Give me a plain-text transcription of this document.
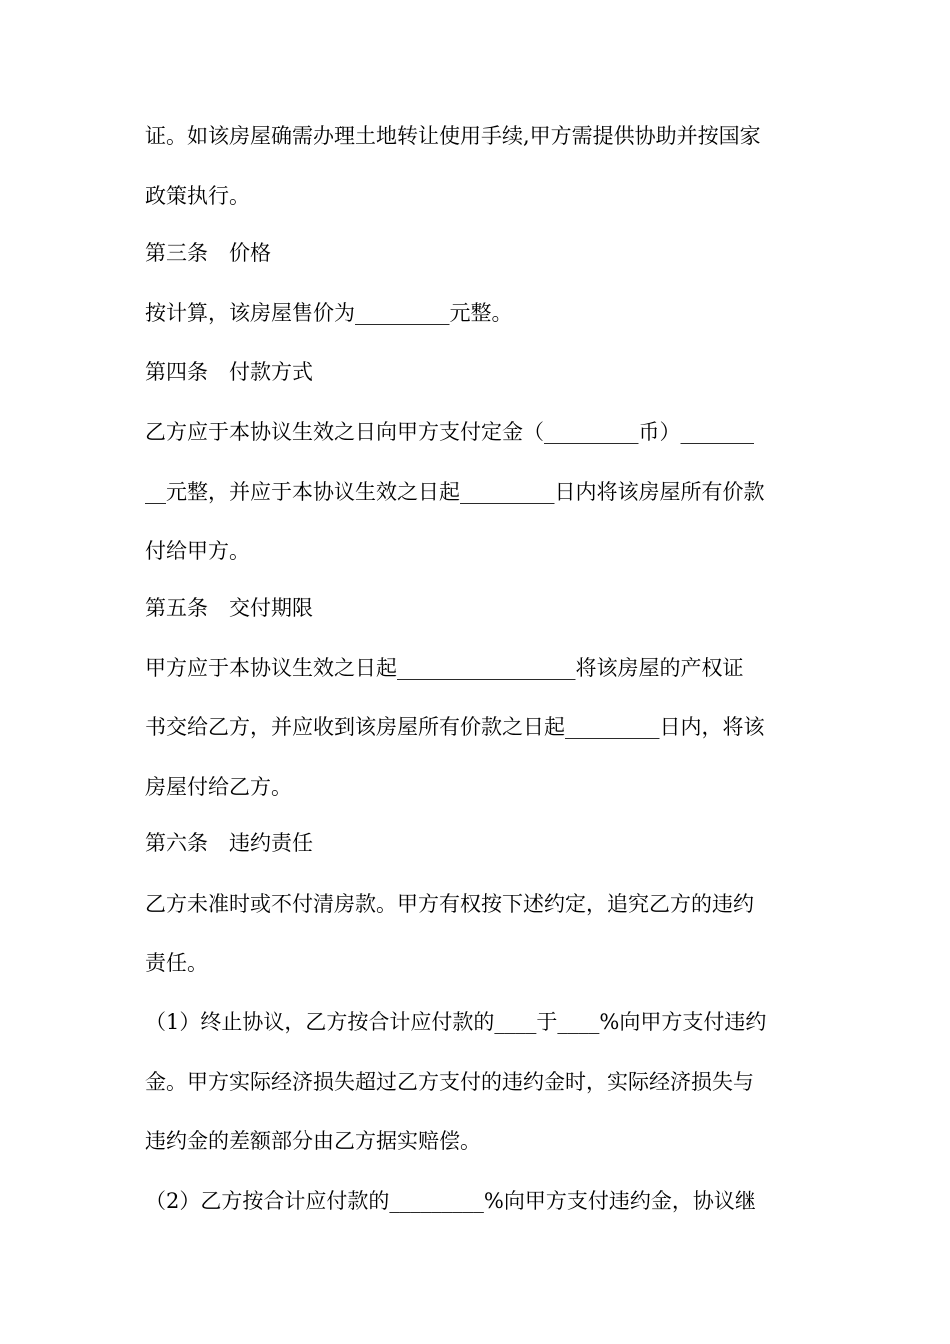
证。如该房屋确需办理土地转让使用手续,甲方需提供协助并按国家
政策执行。
第三条　价格
按计算，该房屋售价为_________元整。
第四条　付款方式
乙方应于本协议生效之日向甲方支付定金（_________币）_______
__元整，并应于本协议生效之日起_________日内将该房屋所有价款
付给甲方。
第五条　交付期限
甲方应于本协议生效之日起_________________将该房屋的产权证
书交给乙方，并应收到该房屋所有价款之日起_________日内，将该
房屋付给乙方。
第六条　违约责任
乙方未准时或不付清房款。甲方有权按下述约定，追究乙方的违约
责任。
（1）终止协议，乙方按合计应付款的____于____%向甲方支付违约
金。甲方实际经济损失超过乙方支付的违约金时，实际经济损失与
违约金的差额部分由乙方据实赔偿。
（2）乙方按合计应付款的_________%向甲方支付违约金，协议继
